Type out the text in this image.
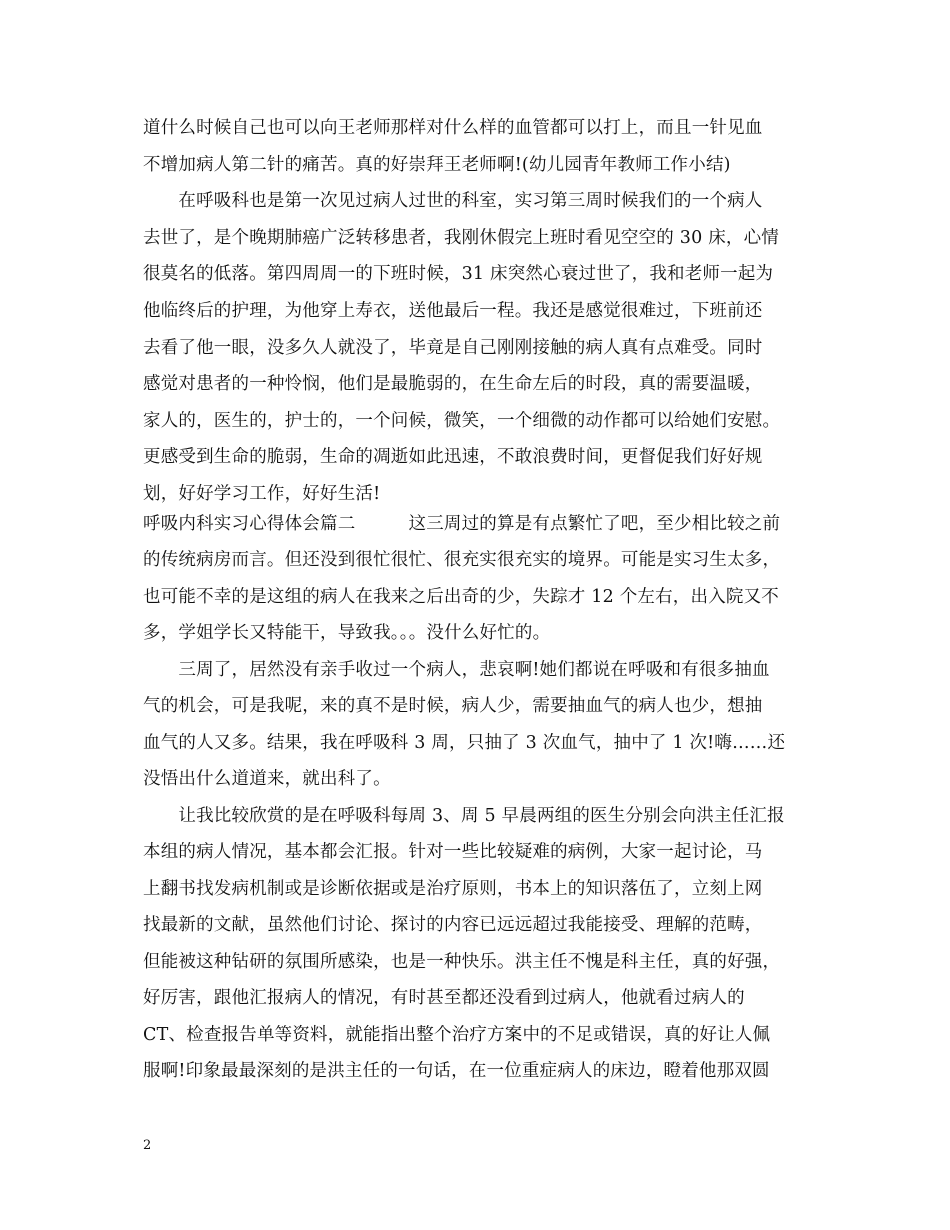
道什么时候自己也可以向王老师那样对什么样的血管都可以打上，而且一针见血
不增加病人第二针的痛苦。真的好崇拜王老师啊!(幼儿园青年教师工作小结)
　　在呼吸科也是第一次见过病人过世的科室，实习第三周时候我们的一个病人
去世了，是个晚期肺癌广泛转移患者，我刚休假完上班时看见空空的 30 床，心情
很莫名的低落。第四周周一的下班时候，31 床突然心衰过世了，我和老师一起为
他临终后的护理，为他穿上寿衣，送他最后一程。我还是感觉很难过，下班前还
去看了他一眼，没多久人就没了，毕竟是自己刚刚接触的病人真有点难受。同时
感觉对患者的一种怜悯，他们是最脆弱的，在生命左后的时段，真的需要温暖，
家人的，医生的，护士的，一个问候，微笑，一个细微的动作都可以给她们安慰。
更感受到生命的脆弱，生命的凋逝如此迅速，不敢浪费时间，更督促我们好好规
划，好好学习工作，好好生活!
呼吸内科实习心得体会篇二　　　这三周过的算是有点繁忙了吧，至少相比较之前
的传统病房而言。但还没到很忙很忙、很充实很充实的境界。可能是实习生太多，
也可能不幸的是这组的病人在我来之后出奇的少，失踪才 12 个左右，出入院又不
多，学姐学长又特能干，导致我。。。没什么好忙的。
　　三周了，居然没有亲手收过一个病人，悲哀啊!她们都说在呼吸和有很多抽血
气的机会，可是我呢，来的真不是时候，病人少，需要抽血气的病人也少，想抽
血气的人又多。结果，我在呼吸科 3 周，只抽了 3 次血气，抽中了 1 次!嗨……还
没悟出什么道道来，就出科了。
　　让我比较欣赏的是在呼吸科每周 3、周 5 早晨两组的医生分别会向洪主任汇报
本组的病人情况，基本都会汇报。针对一些比较疑难的病例，大家一起讨论，马
上翻书找发病机制或是诊断依据或是治疗原则，书本上的知识落伍了，立刻上网
找最新的文献，虽然他们讨论、探讨的内容已远远超过我能接受、理解的范畴，
但能被这种钻研的氛围所感染，也是一种快乐。洪主任不愧是科主任，真的好强，
好厉害，跟他汇报病人的情况，有时甚至都还没看到过病人，他就看过病人的
CT、检查报告单等资料，就能指出整个治疗方案中的不足或错误，真的好让人佩
服啊!印象最最深刻的是洪主任的一句话，在一位重症病人的床边，瞪着他那双圆
2
